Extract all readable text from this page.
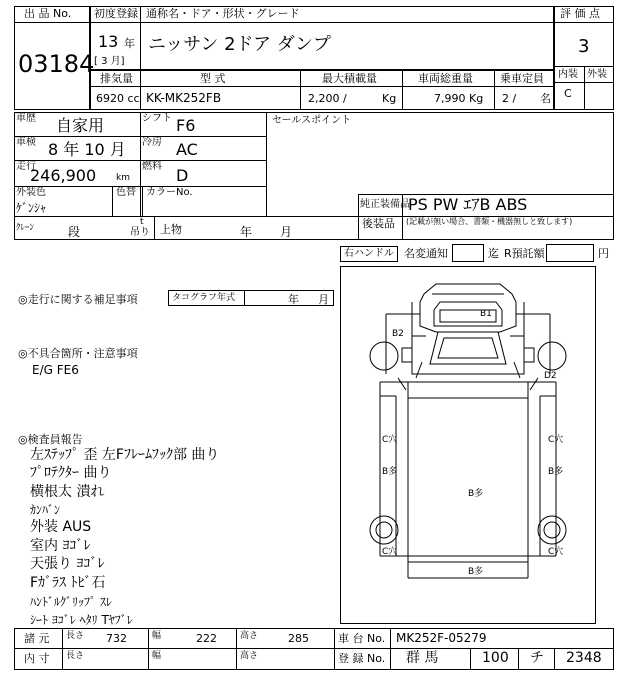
出 品 No.
03184
初度登録 通称名・ドア・形状・グレード
13 年
[ 3 月]
ニッサン 2ドア ダンプ
評 価 点
3
内装 外装
C
排気量	型 式	最大積載量	車両総重量 乗車定員
6920 cc KK-MK252FB	2,200 /	Kg	7,990 Kg 2 / 名
車歴 自家用	シフト F6
車検 8 年 10 月 冷房 AC
走行
246,900 km
燃料 D
外装色
ｹﾞﾝｼｬ
色替 カラーNo.
セールスポイント
ｸﾚｰﾝ	段
t
吊り 上物	年 月
純正装備品
PS PW ｴｱB ABS
後装品 (記載が無い場合、書類・機器無しと致します)
右ハンドル 名変通知	迄 R預託額	円
◎走行に関する補足事項	タコグラフ年式	年 月
◎不具合箇所・注意事項
E/G FE6
◎検査員報告
左ｽﾃｯﾌﾟ 歪 左Fﾌﾚｰﾑﾌｯｸ部 曲り
ﾌﾟﾛﾃｸﾀｰ 曲り
横根太 潰れ
ｶﾝﾊﾞﾝ
外装 AUS
室内 ﾖｺﾞﾚ
天張り ﾖｺﾞﾚ
Fｶﾞﾗｽ ﾄﾋﾞ石
ﾊﾝﾄﾞﾙｸﾞﾘｯﾌﾟ ｽﾚ
ｼｰﾄ ﾖｺﾞﾚ ﾍﾀﾘ Tﾔﾌﾞﾚ
B1
B2
D2
C穴	C穴
B多	B多
B多
C穴	C穴
B多
諸 元 長さ 732	幅	222	高さ	285	車 台 No. MK252F-05279
内 寸 長さ	幅	高さ	登 録 No. 群 馬	100 チ 2348
